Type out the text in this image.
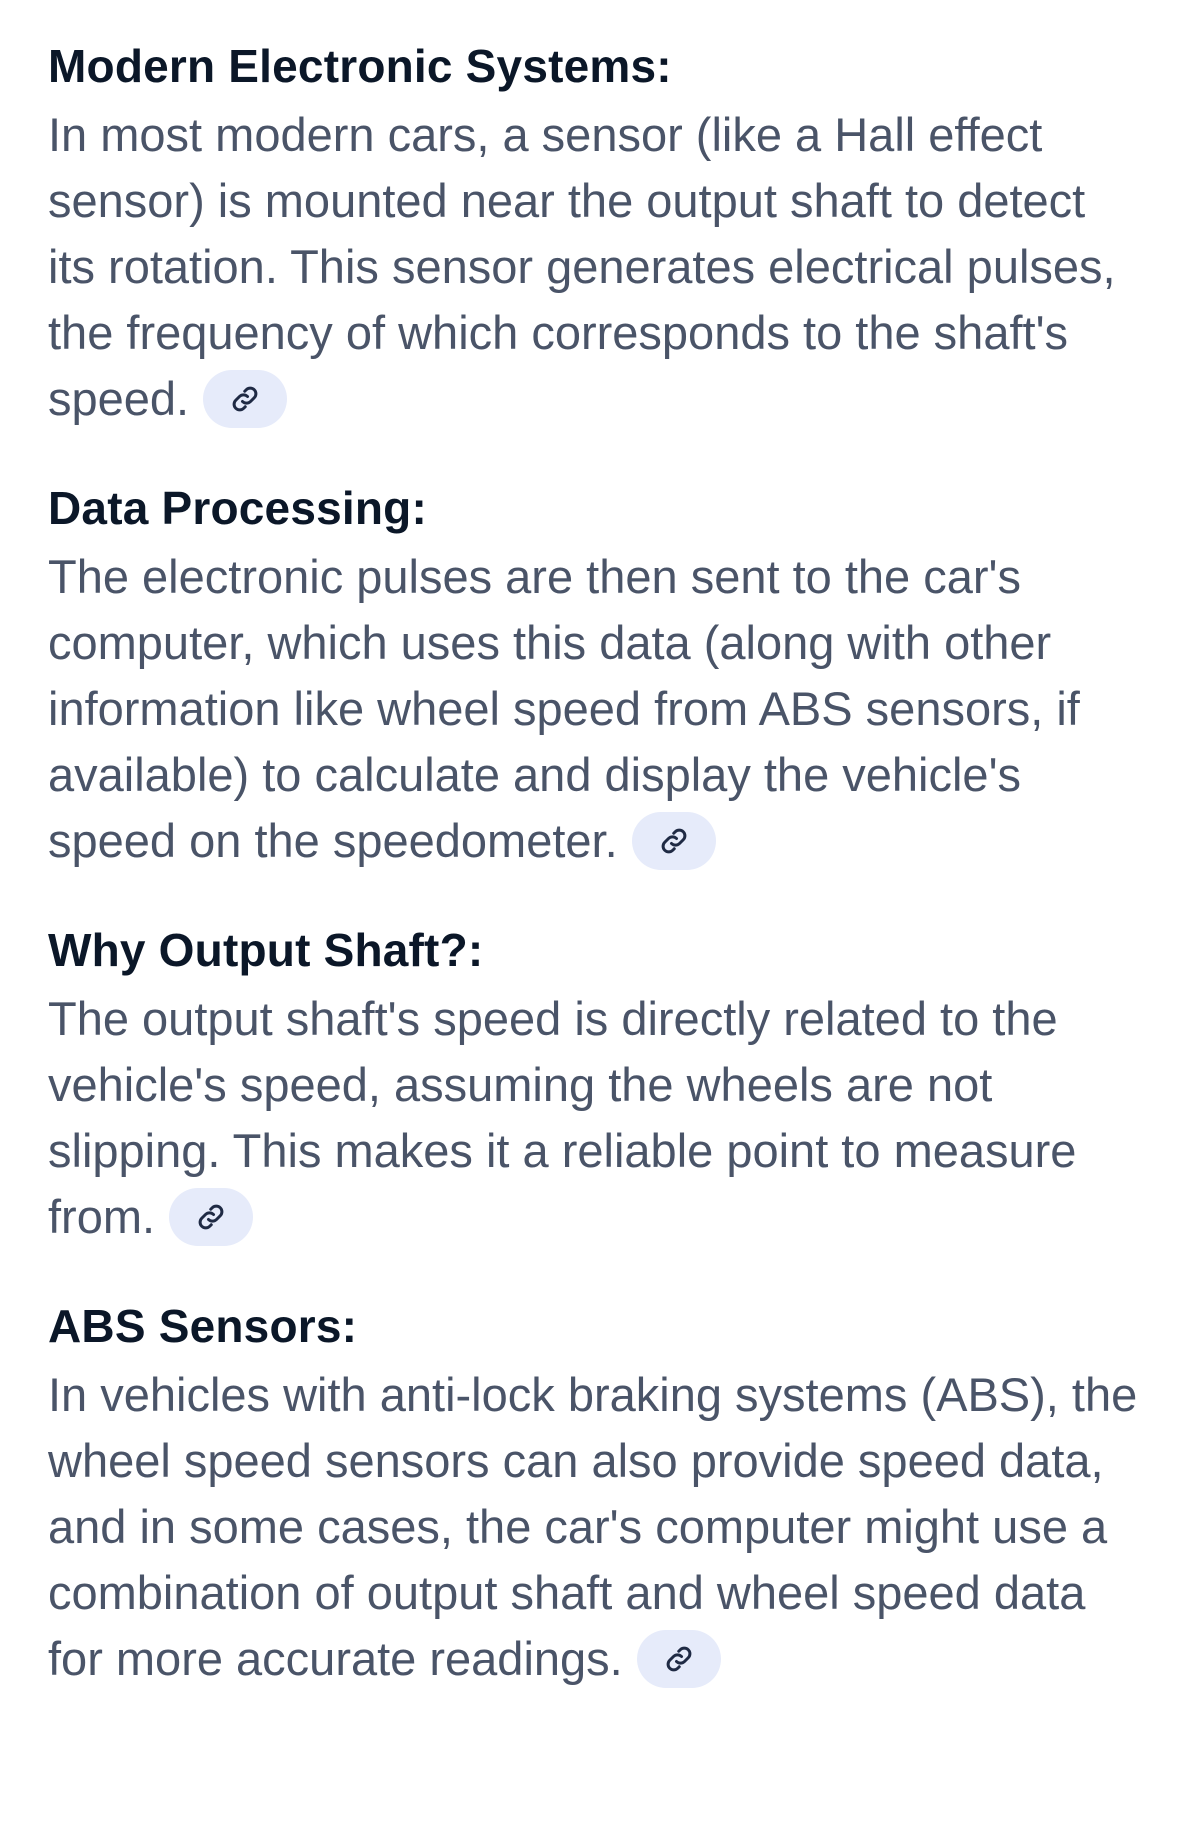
Modern Electronic Systems:

In most modern cars, a sensor (like a Hall effect sensor) is mounted near the output shaft to detect its rotation. This sensor generates electrical pulses, the frequency of which corresponds to the shaft's speed.

Data Processing:

The electronic pulses are then sent to the car's computer, which uses this data (along with other information like wheel speed from ABS sensors, if available) to calculate and display the vehicle's speed on the speedometer.

Why Output Shaft?:

The output shaft's speed is directly related to the vehicle's speed, assuming the wheels are not slipping. This makes it a reliable point to measure from.

ABS Sensors:

In vehicles with anti-lock braking systems (ABS), the wheel speed sensors can also provide speed data, and in some cases, the car's computer might use a combination of output shaft and wheel speed data for more accurate readings.
